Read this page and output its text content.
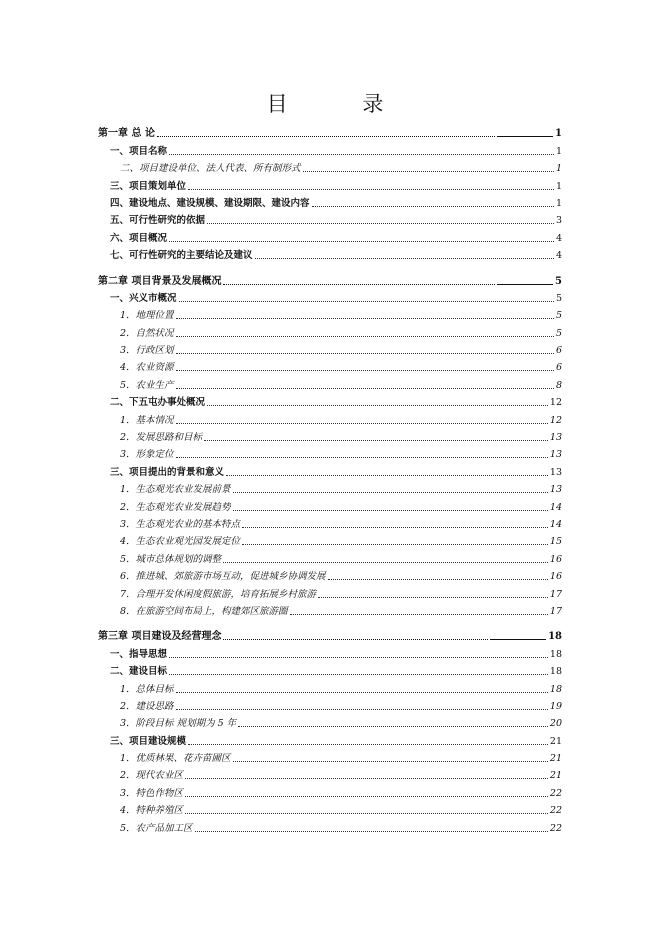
目 录
第一章 总 论	1
一、项目名称	1
二、项目建设单位、法人代表、所有制形式	1
三、项目策划单位	1
四、建设地点、建设规模、建设期限、建设内容	1
五、可行性研究的依据	3
六、项目概况	4
七、可行性研究的主要结论及建议	4
第二章 项目背景及发展概况	5
一、兴义市概况	5
1．地理位置	5
2．自然状况	5
3．行政区划	6
4．农业资源	6
5．农业生产	8
二、下五屯办事处概况	12
1．基本情况	12
2．发展思路和目标	13
3．形象定位	13
三、项目提出的背景和意义	13
1．生态观光农业发展前景	13
2．生态观光农业发展趋势	14
3．生态观光农业的基本特点	14
4．生态农业观光园发展定位	15
5．城市总体规划的调整	16
6．推进城、郊旅游市场互动，促进城乡协调发展	16
7．合理开发休闲度假旅游，培育拓展乡村旅游	17
8．在旅游空间布局上，构建郊区旅游圈	17
第三章 项目建设及经营理念	18
一、指导思想	18
二、建设目标	18
1．总体目标	18
2．建设思路	19
3．阶段目标 规划期为 5 年	20
三、项目建设规模	21
1．优质林果、花卉苗圃区	21
2．现代农业区	21
3．特色作物区	22
4．特种养殖区	22
5．农产品加工区	22
